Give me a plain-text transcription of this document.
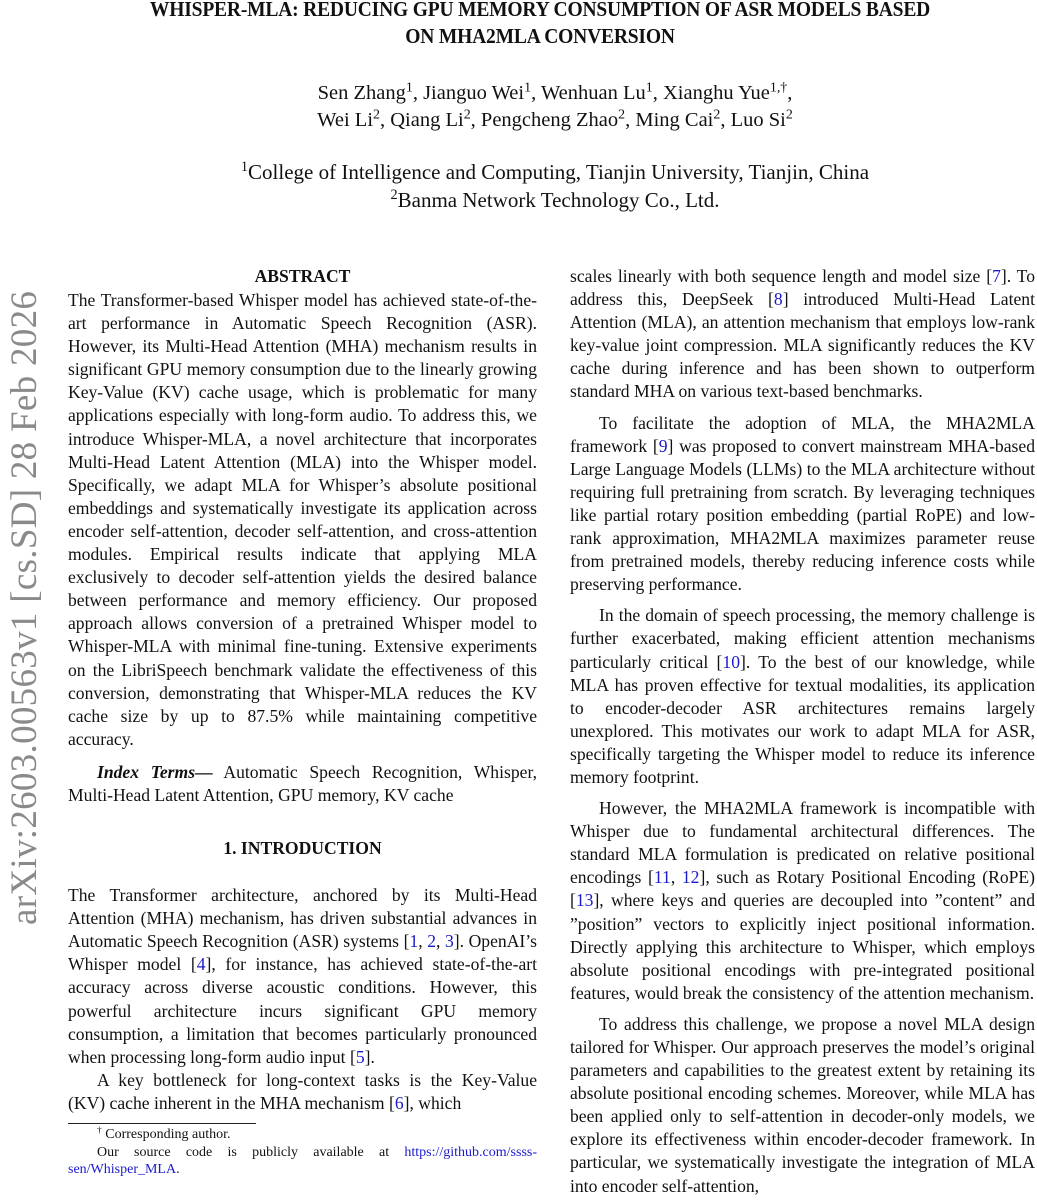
WHISPER-MLA: REDUCING GPU MEMORY CONSUMPTION OF ASR MODELS BASED
ON MHA2MLA CONVERSION
Sen Zhang$^1$, Jianguo Wei$^1$, Wenhuan Lu$^1$, Xianghu Yue$^{1,\dagger}$,
Wei Li$^2$, Qiang Li$^2$, Pengcheng Zhao$^2$, Ming Cai$^2$, Luo Si$^2$
$^1$College of Intelligence and Computing, Tianjin University, Tianjin, China
$^2$Banma Network Technology Co., Ltd.
arXiv:2603.00563v1 [cs.SD] 28 Feb 2026
ABSTRACT

The Transformer-based Whisper model has achieved state-of-the-art performance in Automatic Speech Recognition (ASR). However, its Multi-Head Attention (MHA) mechanism results in significant GPU memory consumption due to the linearly growing Key-Value (KV) cache usage, which is problematic for many applications especially with long-form audio. To address this, we introduce Whisper-MLA, a novel architecture that incorporates Multi-Head Latent Attention (MLA) into the Whisper model. Specifically, we adapt MLA for Whisper’s absolute positional embeddings and systematically investigate its application across encoder self-attention, decoder self-attention, and cross-attention modules. Empirical results indicate that applying MLA exclusively to decoder self-attention yields the desired balance between performance and memory efficiency. Our proposed approach allows conversion of a pretrained Whisper model to Whisper-MLA with minimal fine-tuning. Extensive experiments on the LibriSpeech benchmark validate the effectiveness of this conversion, demonstrating that Whisper-MLA reduces the KV cache size by up to 87.5% while maintaining competitive accuracy.

Index Terms— Automatic Speech Recognition, Whisper, Multi-Head Latent Attention, GPU memory, KV cache

1. INTRODUCTION

The Transformer architecture, anchored by its Multi-Head Attention (MHA) mechanism, has driven substantial advances in Automatic Speech Recognition (ASR) systems [1, 2, 3]. OpenAI’s Whisper model [4], for instance, has achieved state-of-the-art accuracy across diverse acoustic conditions. However, this powerful architecture incurs significant GPU memory consumption, a limitation that becomes particularly pronounced when processing long-form audio input [5].

A key bottleneck for long-context tasks is the Key-Value (KV) cache inherent in the MHA mechanism [6], which

† Corresponding author.

Our source code is publicly available at https://github.com/ssss-sen/Whisper_MLA.

scales linearly with both sequence length and model size [7]. To address this, DeepSeek [8] introduced Multi-Head Latent Attention (MLA), an attention mechanism that employs low-rank key-value joint compression. MLA significantly reduces the KV cache during inference and has been shown to outperform standard MHA on various text-based benchmarks.

To facilitate the adoption of MLA, the MHA2MLA framework [9] was proposed to convert mainstream MHA-based Large Language Models (LLMs) to the MLA architecture without requiring full pretraining from scratch. By leveraging techniques like partial rotary position embedding (partial RoPE) and low-rank approximation, MHA2MLA maximizes parameter reuse from pretrained models, thereby reducing inference costs while preserving performance.

In the domain of speech processing, the memory challenge is further exacerbated, making efficient attention mechanisms particularly critical [10]. To the best of our knowledge, while MLA has proven effective for textual modalities, its application to encoder-decoder ASR architectures remains largely unexplored. This motivates our work to adapt MLA for ASR, specifically targeting the Whisper model to reduce its inference memory footprint.

However, the MHA2MLA framework is incompatible with Whisper due to fundamental architectural differences. The standard MLA formulation is predicated on relative positional encodings [11, 12], such as Rotary Positional Encoding (RoPE) [13], where keys and queries are decoupled into ”content” and ”position” vectors to explicitly inject positional information. Directly applying this architecture to Whisper, which employs absolute positional encodings with pre-integrated positional features, would break the consistency of the attention mechanism.

To address this challenge, we propose a novel MLA design tailored for Whisper. Our approach preserves the model’s original parameters and capabilities to the greatest extent by retaining its absolute positional encoding schemes. Moreover, while MLA has been applied only to self-attention in decoder-only models, we explore its effectiveness within encoder-decoder framework. In particular, we systematically investigate the integration of MLA into encoder self-attention,
